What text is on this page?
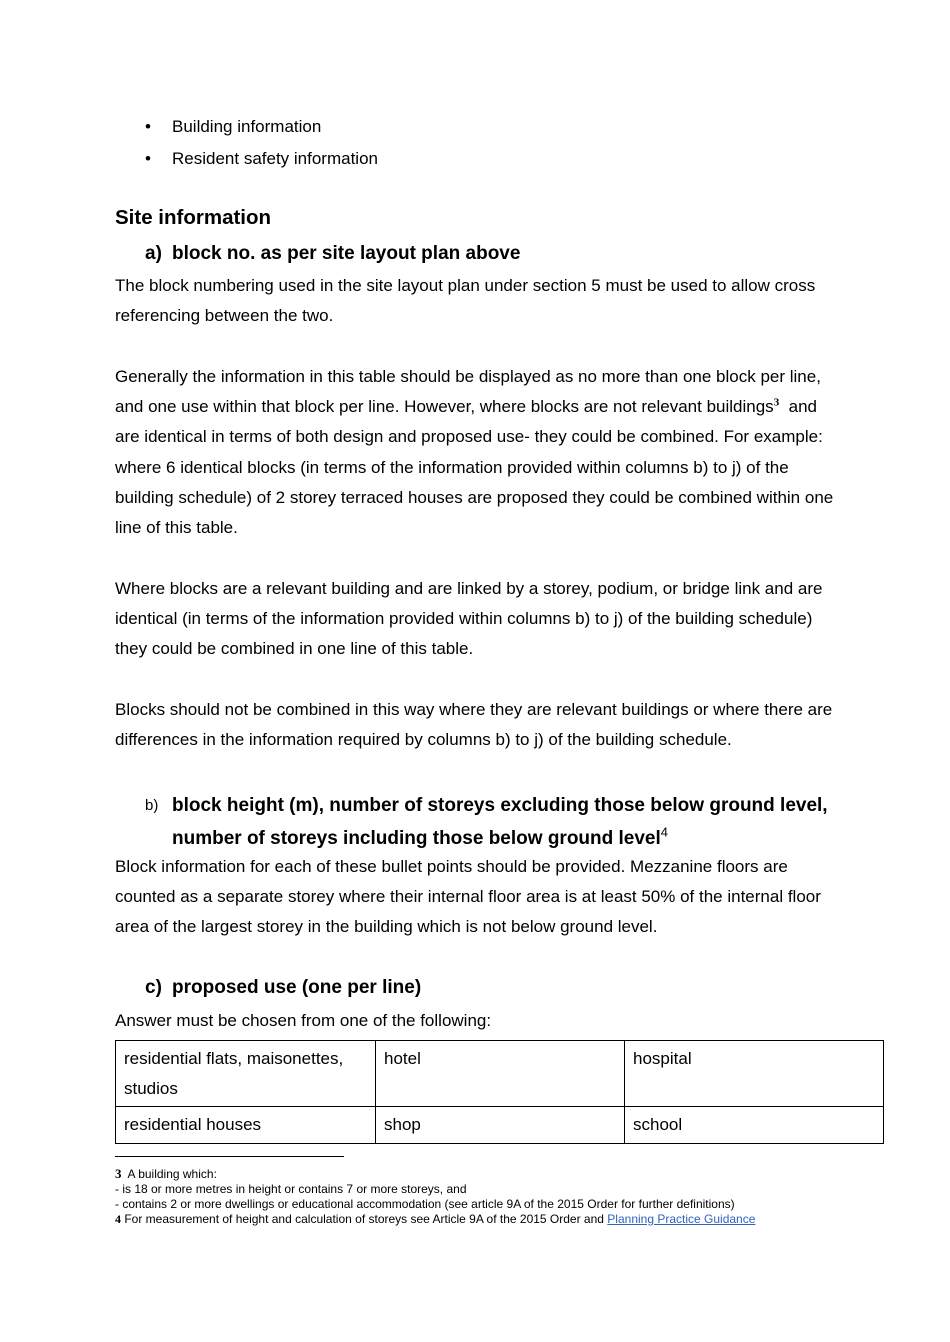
• Building information
• Resident safety information
Site information
a) block no. as per site layout plan above

The block numbering used in the site layout plan under section 5 must be used to allow cross referencing between the two.

Generally the information in this table should be displayed as no more than one block per line, and one use within that block per line. However, where blocks are not relevant buildings$^3$ and are identical in terms of both design and proposed use- they could be combined. For example: where 6 identical blocks (in terms of the information provided within columns b) to j) of the building schedule) of 2 storey terraced houses are proposed they could be combined within one line of this table.

Where blocks are a relevant building and are linked by a storey, podium, or bridge link and are identical (in terms of the information provided within columns b) to j) of the building schedule) they could be combined in one line of this table.

Blocks should not be combined in this way where they are relevant buildings or where there are differences in the information required by columns b) to j) of the building schedule.

b) block height (m), number of storeys excluding those below ground level, number of storeys including those below ground level$^4$

Block information for each of these bullet points should be provided. Mezzanine floors are counted as a separate storey where their internal floor area is at least 50% of the internal floor area of the largest storey in the building which is not below ground level.

c) proposed use (one per line)

Answer must be chosen from one of the following:

residential flats, maisonettes, studios	hotel	hospital
residential houses	shop	school
3 A building which:
- is 18 or more metres in height or contains 7 or more storeys, and
- contains 2 or more dwellings or educational accommodation (see article 9A of the 2015 Order for further definitions)
4 For measurement of height and calculation of storeys see Article 9A of the 2015 Order and Planning Practice Guidance
